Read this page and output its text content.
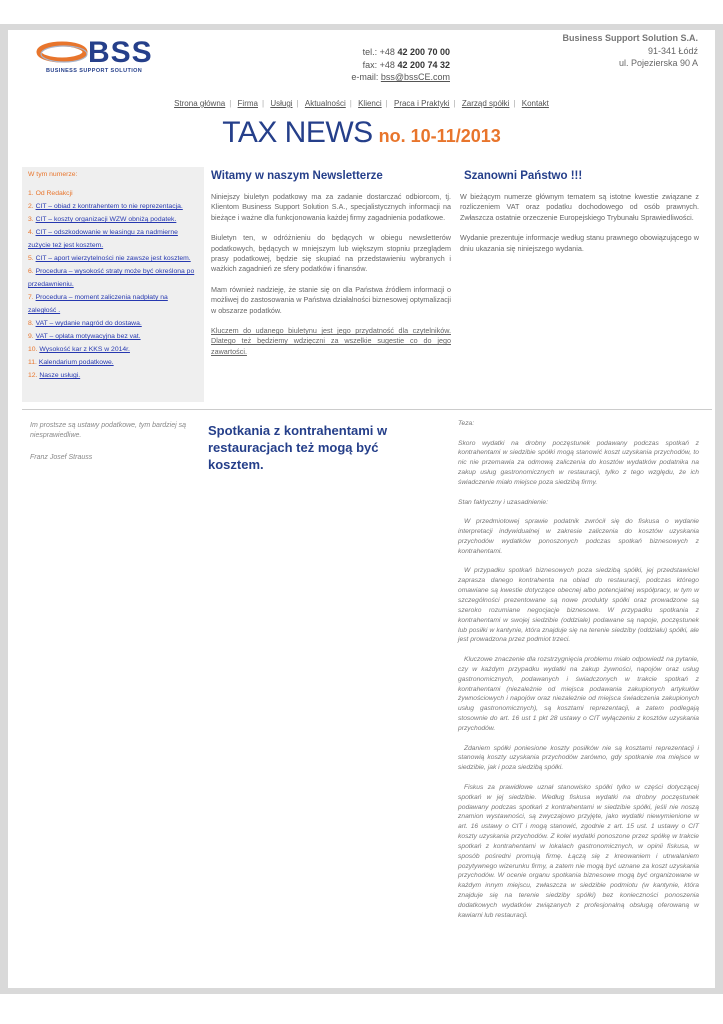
BSS
BUSINESS SUPPORT SOLUTION
tel.: +48 42 200 70 00
fax: +48 42 200 74 32
e-mail: bss@bssCE.com
Business Support Solution S.A.
91-341 Łódź
ul. Pojezierska 90 A
Strona główna | Firma | Usługi | Aktualności | Klienci | Praca i Praktyki | Zarząd spółki | Kontakt
TAX NEWS no. 10-11/2013
W tym numerze:
1. Od Redakcji
2. CIT – obiad z kontrahentem to nie reprezentacja.
3. CIT – koszty organizacji WZW obniżą podatek.
4. CIT – odszkodowanie w leasingu za nadmierne zużycie też jest kosztem.
5. CIT – aport wierzytelności nie zawsze jest kosztem.
6. Procedura – wysokość straty może być określona po przedawnieniu.
7. Procedura – moment zaliczenia nadpłaty na zaległość .
8. VAT – wydanie nagród do dostawa.
9. VAT – opłata motywacyjna bez vat.
10. Wysokość kar z KKS w 2014r.
11. Kalendarium podatkowe.
12. Nasze usługi.
Witamy w naszym Newsletterze

Niniejszy biuletyn podatkowy ma za zadanie dostarczać odbiorcom, tj. Klientom Business Support Solution S.A., specjalistycznych informacji na bieżące i ważne dla funkcjonowania każdej firmy zagadnienia podatkowe.

Biuletyn ten, w odróżnieniu do będących w obiegu newsletterów podatkowych, będących w mniejszym lub większym stopniu przeglądem prasy podatkowej, będzie się skupiać na przedstawieniu wybranych i ważkich zagadnień ze sfery podatków i finansów.

Mam również nadzieję, że stanie się on dla Państwa źródłem informacji o możliwej do zastosowania w Państwa działalności biznesowej optymalizacji w obszarze podatków.

Kluczem do udanego biuletynu jest jego przydatność dla czytelników. Dlatego też będziemy wdzięczni za wszelkie sugestie co do jego zawartości.

Szanowni Państwo !!!

W bieżącym numerze głównym tematem są istotne kwestie związane z rozliczeniem VAT oraz podatku dochodowego od osób prawnych. Zwłaszcza ostatnie orzeczenie Europejskiego Trybunału Sprawiedliwości.

Wydanie prezentuje informacje według stanu prawnego obowiązującego w dniu ukazania się niniejszego wydania.

Im prostsze są ustawy podatkowe, tym bardziej są niesprawiedliwe.
Franz Josef Strauss
Spotkania z kontrahentami w restauracjach też mogą być kosztem.

Teza:

Skoro wydatki na drobny poczęstunek podawany podczas spotkań z kontrahentami w siedzibie spółki mogą stanowić koszt uzyskania przychodów, to nic nie przemawia za odmową zaliczenia do kosztów wydatków podatnika na zakup usług gastronomicznych w restauracji, tylko z tego względu, że ich świadczenie miało miejsce poza siedzibą firmy.

Stan faktyczny i uzasadnienie:

W przedmiotowej sprawie podatnik zwrócił się do fiskusa o wydanie interpretacji indywidualnej w zakresie zaliczenia do kosztów uzyskania przychodów wydatków ponoszonych podczas spotkań biznesowych z kontrahentami.

W przypadku spotkań biznesowych poza siedzibą spółki, jej przedstawiciel zaprasza danego kontrahenta na obiad do restauracji, podczas którego omawiane są kwestie dotyczące obecnej albo potencjalnej współpracy, w tym w szczególności prezentowane są nowe produkty spółki oraz prowadzone są szeroko rozumiane negocjacje biznesowe. W przypadku spotkania z kontrahentami w swojej siedzibie (oddziale) podawane są napoje, poczęstunek lub posiłki w kantynie, która znajduje się na terenie siedziby (oddziału) spółki, ale jest prowadzona przez podmiot trzeci.

Kluczowe znaczenie dla rozstrzygnięcia problemu miało odpowiedź na pytanie, czy w każdym przypadku wydatki na zakup żywności, napojów oraz usług gastronomicznych, podawanych i świadczonych w trakcie spotkań z kontrahentami (niezależnie od miejsca podawania zakupionych artykułów żywnościowych i napojów oraz niezależnie od miejsca świadczenia zakupionych usług gastronomicznych), są kosztami reprezentacji, a zatem podlegają stosownie do art. 16 ust 1 pkt 28 ustawy o CIT wyłączeniu z kosztów uzyskania przychodów.

Zdaniem spółki poniesione koszty posiłków nie są kosztami reprezentacji i stanowią koszty uzyskania przychodów zarówno, gdy spotkanie ma miejsce w siedzibie, jak i poza siedzibą spółki.

Fiskus za prawidłowe uznał stanowisko spółki tylko w części dotyczącej spotkań w jej siedzibie. Według fiskusa wydatki na drobny poczęstunek podawany podczas spotkań z kontrahentami w siedzibie spółki, jeśli nie noszą znamion wystawności, są zwyczajowo przyjęte, jako wydatki niewymienione w art. 16 ustawy o CIT i mogą stanowić, zgodnie z art. 15 ust. 1 ustawy o CIT koszty uzyskania przychodów. Z kolei wydatki ponoszone przez spółkę w trakcie spotkań z kontrahentami w lokalach gastronomicznych, w opinii fiskusa, w sposób pośredni promują firmę. Łączą się z kreowaniem i utrwalaniem pozytywnego wizerunku firmy, a zatem nie mogą być uznane za koszt uzyskania przychodów. W ocenie organu spotkania biznesowe mogą być organizowane w każdym innym miejscu, zwłaszcza w siedzibie podmiotu (w kantynie, która znajduje się na terenie siedziby spółki) bez konieczności ponoszenia dodatkowych wydatków związanych z profesjonalną obsługą oferowaną w kawiarni lub restauracji.
